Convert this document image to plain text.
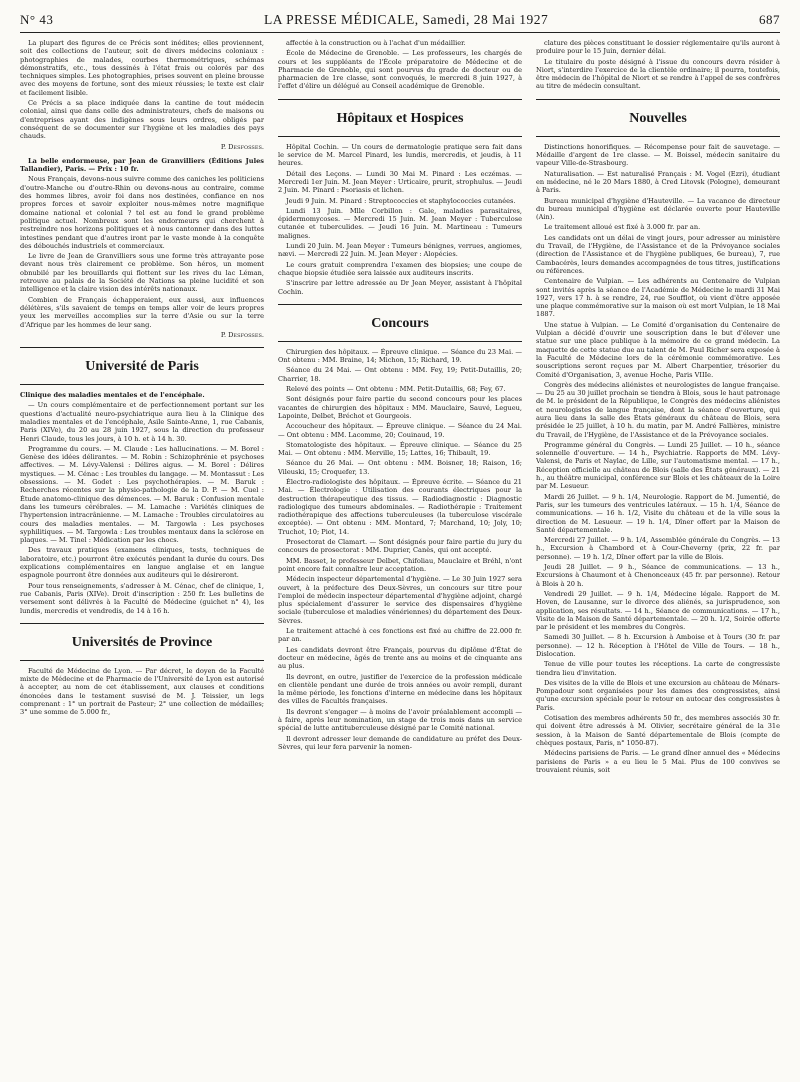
N° 43	LA PRESSE MÉDICALE, Samedi, 28 Mai 1927	687

La plupart des figures de ce Précis sont inédites; elles proviennent, soit des collections de l'auteur, soit de divers médecins coloniaux : photographies de malades, courbes thermométriques, schémas démonstratifs, etc., tous dessinés à l'état frais ou colorés par des techniques simples. Les photographies, prises souvent en pleine brousse avec des moyens de fortune, sont des mieux réussies; le texte est clair et facilement lisible.

Ce Précis a sa place indiquée dans la cantine de tout médecin colonial, ainsi que dans celle des administrateurs, chefs de maisons ou d'entreprises ayant des indigènes sous leurs ordres, obligés par conséquent de se documenter sur l'hygiène et les maladies des pays chauds.

P. Desfosses.

La belle endormeuse, par Jean de Granvilliers (Éditions Jules Tallandier), Paris. — Prix : 10 fr.

Nous Français, devons-nous suivre comme des caniches les politiciens d'outre-Manche ou d'outre-Rhin ou devons-nous au contraire, comme des hommes libres, avoir foi dans nos destinées, confiance en nos propres forces et savoir exploiter nous-mêmes notre magnifique domaine national et colonial ? tel est au fond le grand problème politique actuel. Nombreux sont les endormeurs qui cherchent à restreindre nos horizons politiques et à nous cantonner dans des luttes intestines pendant que d'autres iront par le vaste monde à la conquête des débouchés industriels et commerciaux.

Le livre de Jean de Granvilliers sous une forme très attrayante pose devant nous très clairement ce problème. Son héros, un moment obnubilé par les brouillards qui flottent sur les rives du lac Léman, retrouve au palais de la Société de Nations sa pleine lucidité et son intelligence et la claire vision des intérêts nationaux.

Combien de Français échapperaient, eux aussi, aux influences délétères, s'ils savaient de temps en temps aller voir de leurs propres yeux les merveilles accomplies sur la terre d'Asie ou sur la terre d'Afrique par les hommes de leur sang.

P. Desfosses.

Université de Paris

Clinique des maladies mentales et de l'encéphale.

— Un cours complémentaire et de perfectionnement portant sur les questions d'actualité neuro-psychiatrique aura lieu à la Clinique des maladies mentales et de l'encéphale, Asile Sainte-Anne, 1, rue Cabanis, Paris (XIVe), du 20 au 28 juin 1927, sous la direction du professeur Henri Claude, tous les jours, à 10 h. et à 14 h. 30.

Programme du cours. — M. Claude : Les hallucinations. — M. Borel : Genèse des idées délirantes. — M. Robin : Schizophrénie et psychoses affectives. — M. Lévy-Valensi : Délires aigus. — M. Borel : Délires mystiques. — M. Cénac : Les troubles du langage. — M. Montassut : Les obsessions. — M. Godet : Les psychothérapies. — M. Baruk : Recherches récentes sur la physio-pathologie de la D. P. — M. Cuel : Étude anatomo-clinique des démences. — M. Baruk : Confusion mentale dans les tumeurs cérébrales. — M. Lamache : Variétés cliniques de l'hypertension intracrânienne. — M. Lamache : Troubles circulatoires au cours des maladies mentales. — M. Targowla : Les psychoses syphilitiques. — M. Targowla : Les troubles mentaux dans la sclérose en plaques. — M. Tinel : Médication par les chocs.

Des travaux pratiques (examens cliniques, tests, techniques de laboratoire, etc.) pourront être exécutés pendant la durée du cours. Des explications complémentaires en langue anglaise et en langue espagnole pourront être données aux auditeurs qui le désireront.

Pour tous renseignements, s'adresser à M. Cénac, chef de clinique, 1, rue Cabanis, Paris (XIVe). Droit d'inscription : 250 fr. Les bulletins de versement sont délivrés à la Faculté de Médecine (guichet n° 4), les lundis, mercredis et vendredis, de 14 à 16 h.

Universités de Province

Faculté de Médecine de Lyon. — Par décret, le doyen de la Faculté mixte de Médecine et de Pharmacie de l'Université de Lyon est autorisé à accepter, au nom de cet établissement, aux clauses et conditions énoncées dans le testament susvisé de M. J. Teissier, un legs comprenant : 1° un portrait de Pasteur; 2° une collection de médailles; 3° une somme de 5.000 fr.,

affectée à la construction ou à l'achat d'un médaillier.

École de Médecine de Grenoble. — Les professeurs, les chargés de cours et les suppléants de l'École préparatoire de Médecine et de Pharmacie de Grenoble, qui sont pourvus du grade de docteur ou de pharmacien de 1re classe, sont convoqués, le mercredi 8 juin 1927, à l'effet d'élire un délégué au Conseil académique de Grenoble.

Hôpitaux et Hospices

Hôpital Cochin. — Un cours de dermatologie pratique sera fait dans le service de M. Marcel Pinard, les lundis, mercredis, et jeudis, à 11 heures.

Détail des Leçons. — Lundi 30 Mai M. Pinard : Les eczémas. — Mercredi 1er Juin. M. Jean Meyer : Urticaire, prurit, strophulus. — Jeudi 2 Juin. M. Pinard : Psoriasis et lichen.

Jeudi 9 Juin. M. Pinard : Streptococcies et staphylococcies cutanées.

Lundi 13 Juin. Mlle Corbillon : Gale, maladies parasitaires, épidermomycoses. — Mercredi 15 Juin. M. Jean Meyer : Tuberculose cutanée et tuberculides. — Jeudi 16 Juin. M. Martineau : Tumeurs malignes.

Lundi 20 Juin. M. Jean Meyer : Tumeurs bénignes, verrues, angiomes, nævi. — Mercredi 22 Juin. M. Jean Meyer : Alopécies.

Le cours gratuit comprendra l'examen des biopsies; une coupe de chaque biopsie étudiée sera laissée aux auditeurs inscrits.

S'inscrire par lettre adressée au Dr Jean Meyer, assistant à l'hôpital Cochin.

Concours

Chirurgien des hôpitaux. — Épreuve clinique. — Séance du 23 Mai. — Ont obtenu : MM. Braine, 14; Michon, 15; Richard, 19.

Séance du 24 Mai. — Ont obtenu : MM. Fey, 19; Petit-Dutaillis, 20; Charrier, 18.

Relevé des points — Ont obtenu : MM. Petit-Dutaillis, 68; Fey, 67.

Sont désignés pour faire partie du second concours pour les places vacantes de chirurgien des hôpitaux : MM. Mauclaire, Sauvé, Legueu, Lapointe, Delbet, Bréchot et Gourgeois.

Accoucheur des hôpitaux. — Épreuve clinique. — Séance du 24 Mai. — Ont obtenu : MM. Lacomme, 20; Couinaud, 19.

Stomatologiste des hôpitaux. — Épreuve clinique. — Séance du 25 Mai. — Ont obtenu : MM. Merville, 15; Lattes, 16; Thibault, 19.

Séance du 26 Mai. — Ont obtenu : MM. Boisner, 18; Raison, 16; Vileuski, 15; Croquefer, 13.

Électro-radiologiste des hôpitaux. — Épreuve écrite. — Séance du 21 Mai. — Électrologie : Utilisation des courants électriques pour la destruction thérapeutique des tissus. — Radiodiagnostic : Diagnostic radiologique des tumeurs abdominales. — Radiothérapie : Traitement radiothérapique des affections tuberculeuses (la tuberculose viscérale exceptée). — Ont obtenu : MM. Montard, 7; Marchand, 10; Joly, 10; Truchot, 10; Piot, 14.

Prosectorat de Clamart. — Sont désignés pour faire partie du jury du concours de prosectorat : MM. Duprier, Canès, qui ont accepté.

MM. Basset, le professeur Delbet, Chifoliau, Mauclaire et Bréhl, n'ont point encore fait connaître leur acceptation.

Médecin inspecteur départemental d'hygiène. — Le 30 Juin 1927 sera ouvert, à la préfecture des Deux-Sèvres, un concours sur titre pour l'emploi de médecin inspecteur départemental d'hygiène adjoint, chargé plus spécialement d'assurer le service des dispensaires d'hygiène sociale (tuberculose et maladies vénériennes) du département des Deux-Sèvres.

Le traitement attaché à ces fonctions est fixé au chiffre de 22.000 fr. par an.

Les candidats devront être Français, pourvus du diplôme d'État de docteur en médecine, âgés de trente ans au moins et de cinquante ans au plus.

Ils devront, en outre, justifier de l'exercice de la profession médicale en clientèle pendant une durée de trois années ou avoir rempli, durant la même période, les fonctions d'interne en médecine dans les hôpitaux des villes de Facultés françaises.

Ils devront s'engager — à moins de l'avoir préalablement accompli — à faire, après leur nomination, un stage de trois mois dans un service spécial de lutte antituberculeuse désigné par le Comité national.

Il devront adresser leur demande de candidature au préfet des Deux-Sèvres, qui leur fera parvenir la nomen-

clature des pièces constituant le dossier réglementaire qu'ils auront à produire pour le 15 Juin, dernier délai.

Le titulaire du poste désigné à l'issue du concours devra résider à Niort, s'interdire l'exercice de la clientèle ordinaire; il pourra, toutefois, être médecin de l'hôpital de Niort et se rendre à l'appel de ses confrères au titre de médecin consultant.

Nouvelles

Distinctions honorifiques. — Récompense pour fait de sauvetage. — Médaille d'argent de 1re classe. — M. Boissel, médecin sanitaire du vapeur Ville-de-Strasbourg.

Naturalisation. — Est naturalisé Français : M. Vogel (Ezri), étudiant en médecine, né le 20 Mars 1880, à Cred Litovsk (Pologne), demeurant à Paris.

Bureau municipal d'hygiène d'Hauteville. — La vacance de directeur du bureau municipal d'hygiène est déclarée ouverte pour Hauteville (Ain).

Le traitement alloué est fixé à 3.000 fr. par an.

Les candidats ont un délai de vingt jours, pour adresser au ministère du Travail, de l'Hygiène, de l'Assistance et de la Prévoyance sociales (direction de l'Assistance et de l'hygiène publiques, 6e bureau), 7, rue Cambacérès, leurs demandes accompagnées de tous titres, justifications ou références.

Centenaire de Vulpian. — Les adhérents au Centenaire de Vulpian sont invités après la séance de l'Académie de Médecine le mardi 31 Mai 1927, vers 17 h. à se rendre, 24, rue Soufflot, où vient d'être apposée une plaque commémorative sur la maison où est mort Vulpian, le 18 Mai 1887.

Une statue à Vulpian. — Le Comité d'organisation du Centenaire de Vulpian a décidé d'ouvrir une souscription dans le but d'élever une statue sur une place publique à la mémoire de ce grand médecin. La maquette de cette statue due au talent de M. Paul Richer sera exposée à la Faculté de Médecine lors de la cérémonie commémorative. Les souscriptions seront reçues par M. Albert Charpentier, trésorier du Comité d'Organisation, 3, avenue Hoche, Paris VIIIe.

Congrès des médecins aliénistes et neurologistes de langue française. — Du 25 au 30 juillet prochain se tiendra à Blois, sous le haut patronage de M. le président de la République, le Congrès des médecins aliénistes et neurologistes de langue française, dont la séance d'ouverture, qui aura lieu dans la salle des États généraux du château de Blois, sera présidée le 25 juillet, à 10 h. du matin, par M. André Fallières, ministre du Travail, de l'Hygiène, de l'Assistance et de la Prévoyance sociales.

Programme général du Congrès. — Lundi 25 Juillet. — 10 h., séance solennelle d'ouverture. — 14 h., Psychiatrie. Rapports de MM. Lévy-Valensi, de Paris et Naylac, de Lille, sur l'automatisme mental. — 17 h., Réception officielle au château de Blois (salle des États généraux). — 21 h., au théâtre municipal, conférence sur Blois et les châteaux de la Loire par M. Lesueur.

Mardi 26 Juillet. — 9 h. 1/4, Neurologie. Rapport de M. Jumentié, de Paris, sur les tumeurs des ventricules latéraux. — 15 h. 1/4, Séance de communications. — 16 h. 1/2, Visite du château et de la ville sous la direction de M. Lesueur. — 19 h. 1/4, Dîner offert par la Maison de Santé départementale.

Mercredi 27 Juillet. — 9 h. 1/4, Assemblée générale du Congrès. — 13 h., Excursion à Chambord et à Cour-Cheverny (prix, 22 fr. par personne). — 19 h. 1/2, Dîner offert par la ville de Blois.

Jeudi 28 Juillet. — 9 h., Séance de communications. — 13 h., Excursions à Chaumont et à Chenonceaux (45 fr. par personne). Retour à Blois à 20 h.

Vendredi 29 Juillet. — 9 h. 1/4, Médecine légale. Rapport de M. Hoven, de Lausanne, sur le divorce des aliénés, sa jurisprudence, son application, ses résultats. — 14 h., Séance de communications. — 17 h., Visite de la Maison de Santé départementale. — 20 h. 1/2, Soirée offerte par le président et les membres du Congrès.

Samedi 30 Juillet. — 8 h. Excursion à Amboise et à Tours (30 fr. par personne). — 12 h. Réception à l'Hôtel de Ville de Tours. — 18 h., Dislocation.

Tenue de ville pour toutes les réceptions. La carte de congressiste tiendra lieu d'invitation.

Des visites de la ville de Blois et une excursion au château de Ménars-Pompadour sont organisées pour les dames des congressistes, ainsi qu'une excursion spéciale pour le retour en autocar des congressistes à Paris.

Cotisation des membres adhérents 50 fr., des membres associés 30 fr. qui doivent être adressés à M. Olivier, secrétaire général de la 31e session, à la Maison de Santé départementale de Blois (compte de chèques postaux, Paris, n° 1050-87).

Médecins parisiens de Paris. — Le grand dîner annuel des « Médecins parisiens de Paris » a eu lieu le 5 Mai. Plus de 100 convives se trouvaient réunis, soit
